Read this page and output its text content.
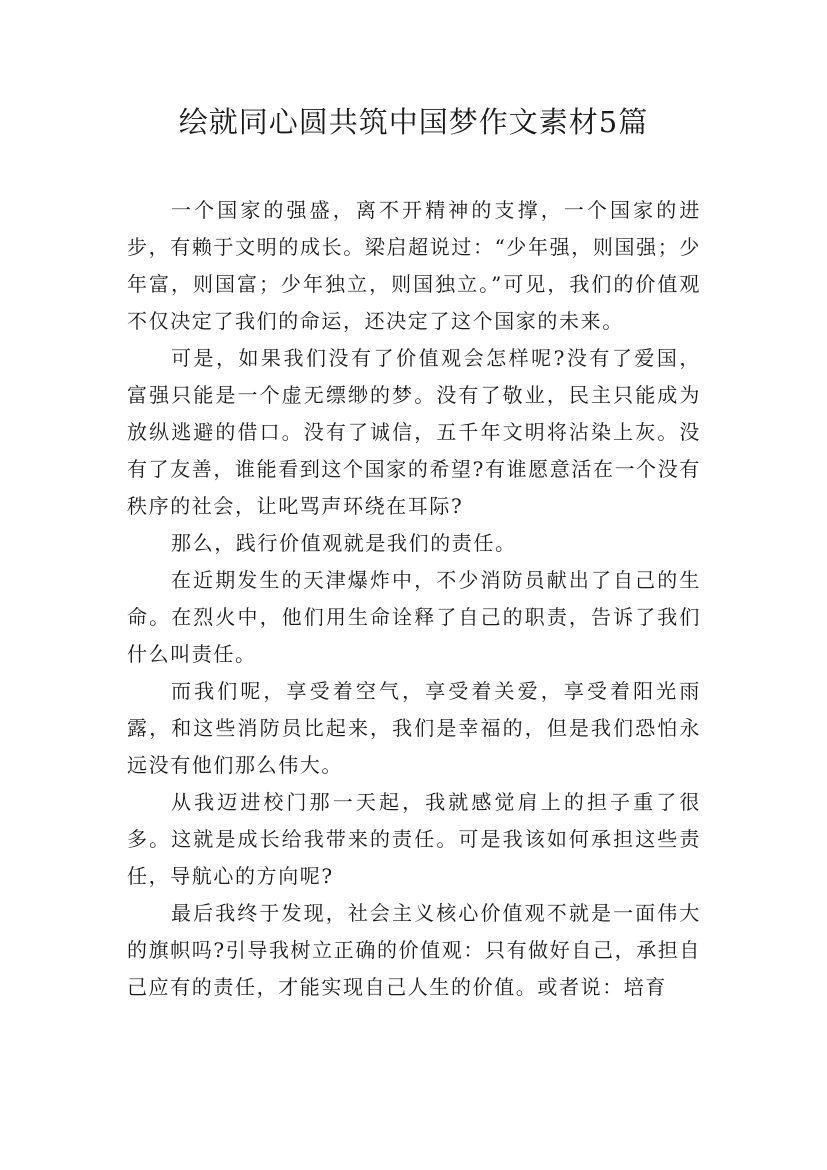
绘就同心圆共筑中国梦作文素材5篇

一个国家的强盛，离不开精神的支撑，一个国家的进步，有赖于文明的成长。梁启超说过：“少年强，则国强；少年富，则国富；少年独立，则国独立。”可见，我们的价值观不仅决定了我们的命运，还决定了这个国家的未来。

可是，如果我们没有了价值观会怎样呢?没有了爱国，富强只能是一个虚无缥缈的梦。没有了敬业，民主只能成为放纵逃避的借口。没有了诚信，五千年文明将沾染上灰。没有了友善，谁能看到这个国家的希望?有谁愿意活在一个没有秩序的社会，让叱骂声环绕在耳际?

那么，践行价值观就是我们的责任。

在近期发生的天津爆炸中，不少消防员献出了自己的生命。在烈火中，他们用生命诠释了自己的职责，告诉了我们什么叫责任。

而我们呢，享受着空气，享受着关爱，享受着阳光雨露，和这些消防员比起来，我们是幸福的，但是我们恐怕永远没有他们那么伟大。

从我迈进校门那一天起，我就感觉肩上的担子重了很多。这就是成长给我带来的责任。可是我该如何承担这些责任，导航心的方向呢?

最后我终于发现，社会主义核心价值观不就是一面伟大的旗帜吗?引导我树立正确的价值观：只有做好自己，承担自己应有的责任，才能实现自己人生的价值。或者说：培育
